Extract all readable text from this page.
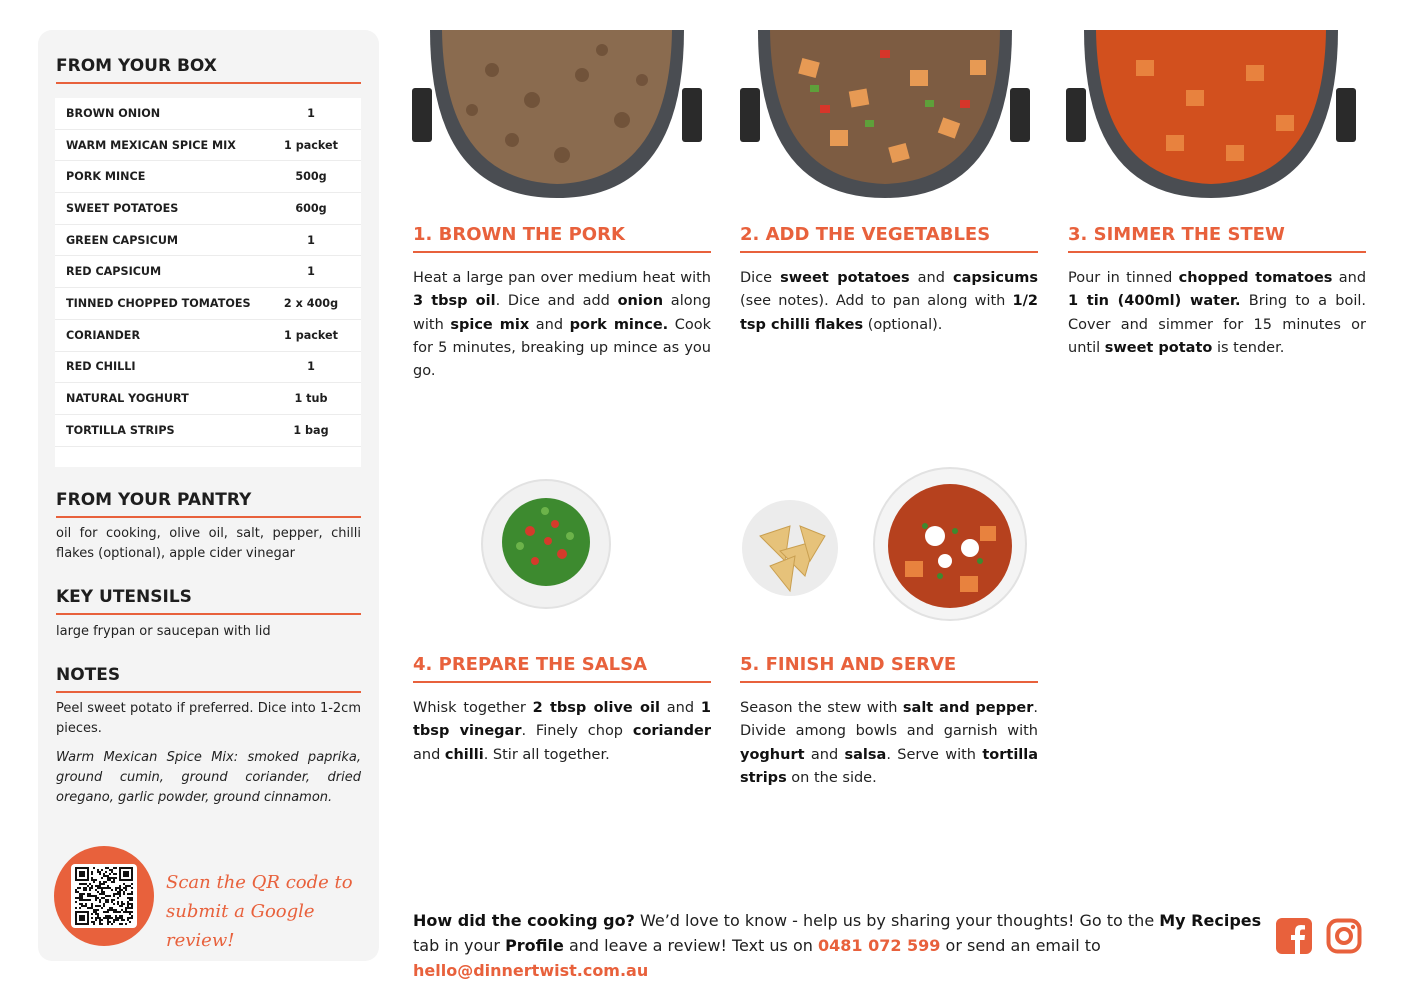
FROM YOUR BOX
BROWN ONION	1
WARM MEXICAN SPICE MIX	1 packet
PORK MINCE	500g
SWEET POTATOES	600g
GREEN CAPSICUM	1
RED CAPSICUM	1
TINNED CHOPPED TOMATOES	2 x 400g
CORIANDER	1 packet
RED CHILLI	1
NATURAL YOGHURT	1 tub
TORTILLA STRIPS	1 bag
FROM YOUR PANTRY
oil for cooking, olive oil, salt, pepper, chilli flakes (optional), apple cider vinegar
KEY UTENSILS
large frypan or saucepan with lid
NOTES
Peel sweet potato if preferred. Dice into 1-2cm pieces.
Warm Mexican Spice Mix: smoked paprika, ground cumin, ground coriander, dried oregano, garlic powder, ground cinnamon.
Scan the QR code to
submit a Google review!
1. BROWN THE PORK	2. ADD THE VEGETABLES	3. SIMMER THE STEW
4. PREPARE THE SALSA	5. FINISH AND SERVE
Heat a large pan over medium heat with 3 tbsp oil. Dice and add onion along with spice mix and pork mince. Cook for 5 minutes, breaking up mince as you go.
Dice sweet potatoes and capsicums (see notes). Add to pan along with 1/2 tsp chilli flakes (optional).
Pour in tinned chopped tomatoes and 1 tin (400ml) water. Bring to a boil. Cover and simmer for 15 minutes or until sweet potato is tender.
Whisk together 2 tbsp olive oil and 1 tbsp vinegar. Finely chop coriander and chilli. Stir all together.
Season the stew with salt and pepper. Divide among bowls and garnish with yoghurt and salsa. Serve with tortilla strips on the side.
How did the cooking go? We’d love to know - help us by sharing your thoughts! Go to the My Recipes tab in your Profile and leave a review! Text us on 0481 072 599 or send an email to hello@dinnertwist.com.au
